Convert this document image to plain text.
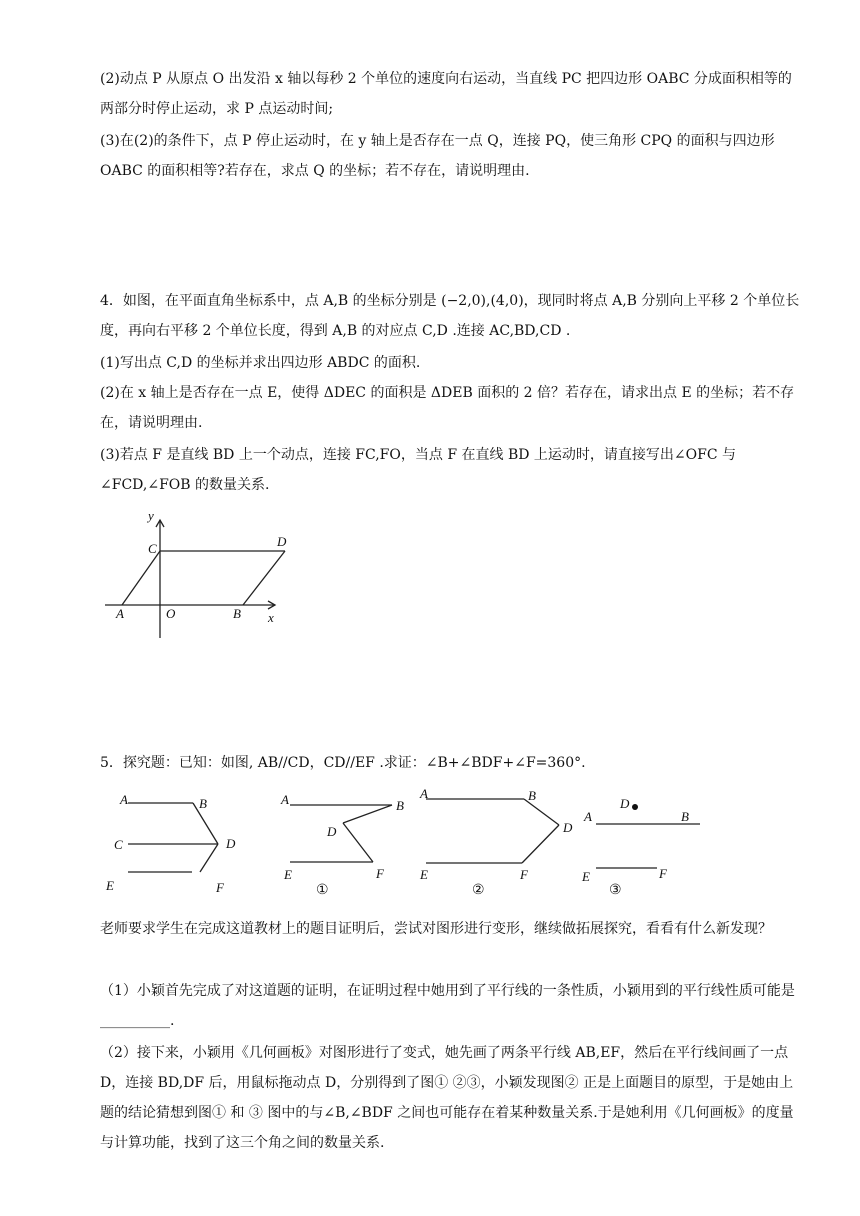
(2)动点 P 从原点 O 出发沿 x 轴以每秒 2 个单位的速度向右运动，当直线 PC 把四边形 OABC 分成面积相等的两部分时停止运动，求 P 点运动时间;

(3)在(2)的条件下，点 P 停止运动时，在 y 轴上是否存在一点 Q，连接 PQ，使三角形 CPQ 的面积与四边形 OABC 的面积相等?若存在，求点 Q 的坐标；若不存在，请说明理由.

4．如图，在平面直角坐标系中，点 A,B 的坐标分别是 (−2,0),(4,0)，现同时将点 A,B 分别向上平移 2 个单位长度，再向右平移 2 个单位长度，得到 A,B 的对应点 C,D .连接 AC,BD,CD .

(1)写出点 C,D 的坐标并求出四边形 ABDC 的面积.

(2)在 x 轴上是否存在一点 E，使得 ΔDEC 的面积是 ΔDEB 面积的 2 倍？若存在，请求出点 E 的坐标；若不存在，请说明理由.

(3)若点 F 是直线 BD 上一个动点，连接 FC,FO，当点 F 在直线 BD 上运动时，请直接写出∠OFC 与∠FCD,∠FOB 的数量关系.

y
x
C	D
A	O	B

5．探究题：已知：如图, AB//CD，CD//EF .求证：∠B+∠BDF+∠F=360°.

A	B
C	D
E	F
A	B
D
E	F
①
A	B
D
E	F
②
D
A	B
E	F
③

老师要求学生在完成这道教材上的题目证明后，尝试对图形进行变形，继续做拓展探究，看看有什么新发现？

（1）小颖首先完成了对这道题的证明，在证明过程中她用到了平行线的一条性质，小颖用到的平行线性质可能是__________.

（2）接下来，小颖用《几何画板》对图形进行了变式，她先画了两条平行线 AB,EF，然后在平行线间画了一点 D，连接 BD,DF 后，用鼠标拖动点 D，分别得到了图① ②③，小颖发现图② 正是上面题目的原型，于是她由上题的结论猜想到图① 和 ③ 图中的与∠B,∠BDF 之间也可能存在着某种数量关系.于是她利用《几何画板》的度量与计算功能，找到了这三个角之间的数量关系.
